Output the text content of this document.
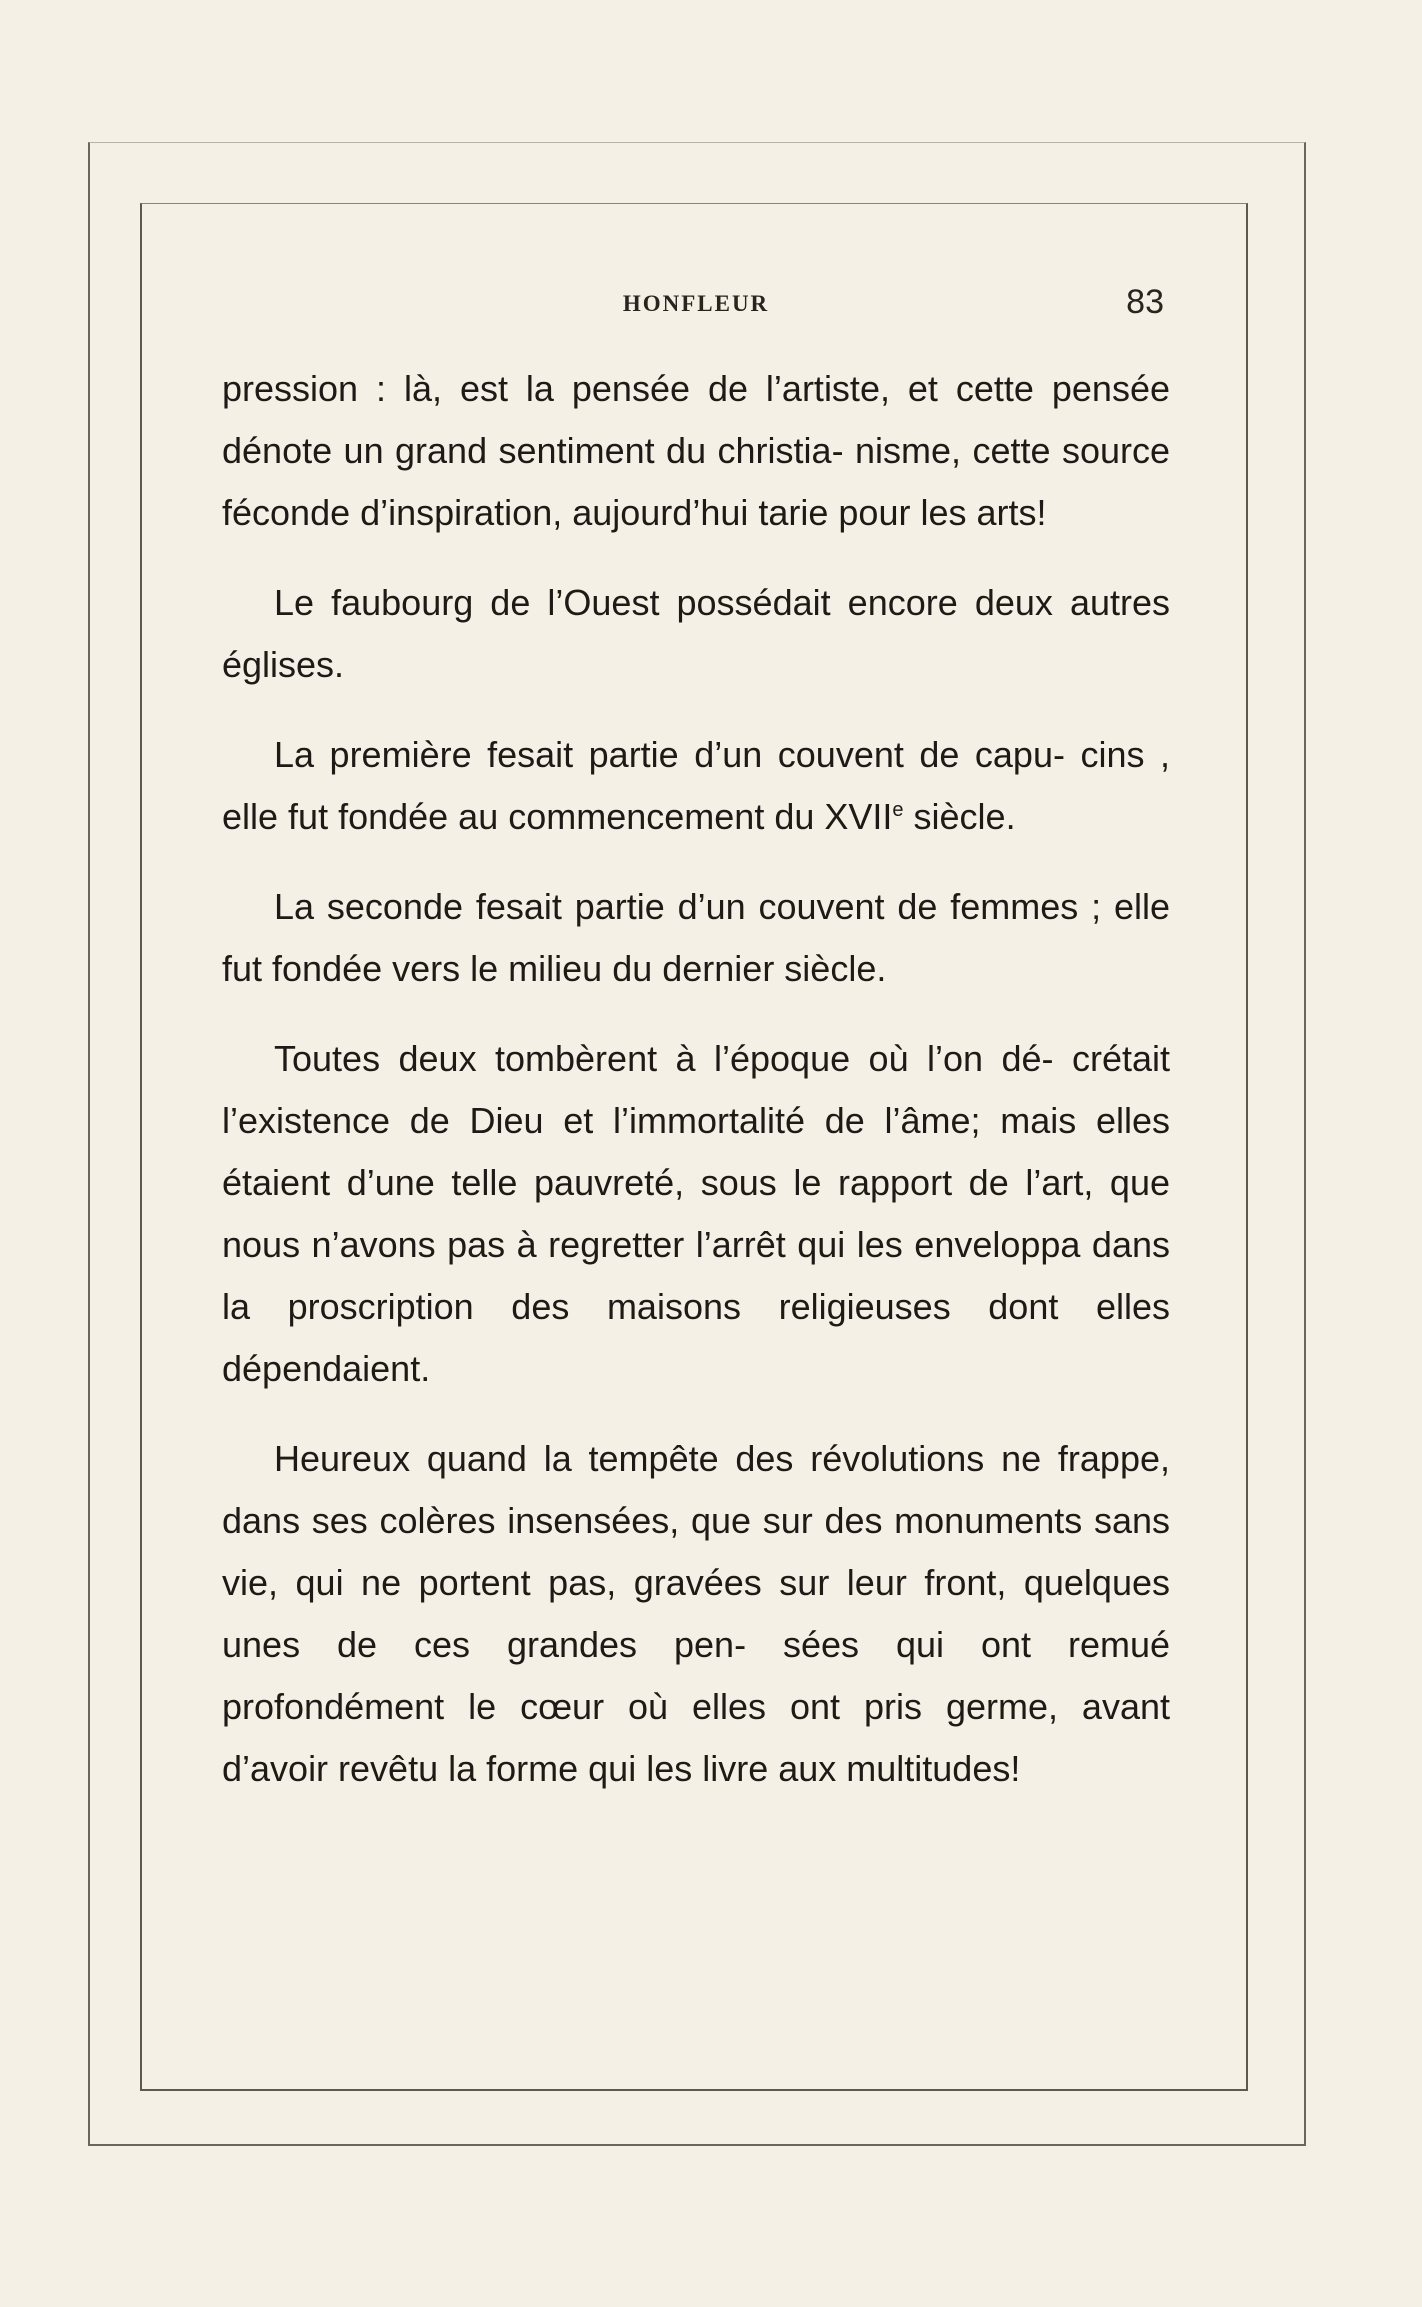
HONFLEUR	83

pression : là, est la pensée de l’artiste, et cette pensée dénote un grand sentiment du christia- nisme, cette source féconde d’inspiration, aujourd’hui tarie pour les arts!

Le faubourg de l’Ouest possédait encore deux autres églises.

La première fesait partie d’un couvent de capu- cins , elle fut fondée au commencement du XVIIe siècle.

La seconde fesait partie d’un couvent de femmes ; elle fut fondée vers le milieu du dernier siècle.

Toutes deux tombèrent à l’époque où l’on dé- crétait l’existence de Dieu et l’immortalité de l’âme; mais elles étaient d’une telle pauvreté, sous le rapport de l’art, que nous n’avons pas à regretter l’arrêt qui les enveloppa dans la proscription des maisons religieuses dont elles dépendaient.

Heureux quand la tempête des révolutions ne frappe, dans ses colères insensées, que sur des monuments sans vie, qui ne portent pas, gravées sur leur front, quelques unes de ces grandes pen- sées qui ont remué profondément le cœur où elles ont pris germe, avant d’avoir revêtu la forme qui les livre aux multitudes!
